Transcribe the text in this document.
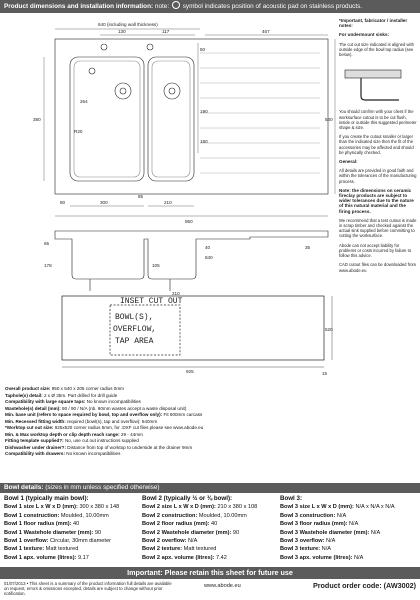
Product dimensions and installation information: note: symbol indicates position of acoustic pad on stainless products.
640 (including wall thickness)
130	117	467
50
190
380	540
180
R20
264
300	210
80
85
950
65
178	105
210
40
840
35
INSET CUT OUT
BOWL(S),
OVERFLOW,
TAP AREA
520
925	15

*Important, fabricator / installer notes:

For undermount sinks:

The cut out size indicated is aligned with outside edge of the bowl top radius (see below).

You should confirm with your client if the worksurface cutout is to be cut flush, inside or outside this suggested perimeter shape & size.

If you create the cutout smaller or larger than the indicated size then the fit of the accessories may be affected and should be physically checked.

General:

All details are provided in good faith and within the tolerances of the manufacturing process.

Note: the dimensions on ceramic fireclay products are subject to wider tolerances due to the nature of this natural material and the firing process.

We recommend that a test cutout is made in scrap timber and checked against the actual sink supplied before committing to cutting the worksurface.

Abode can not accept liability for problems or costs incurred by failure to follow this advice.

CAD cutout files can be downloaded from www.abode.eu

Overall product size: 950 x 540 x 205 corner radius 0mm
Taphole(s) detail: 2 x Ø 35m. Part drilled for drill guide
Compatibility with large square taps: No known incompatibilities
Wastehole(s) detail (mm): 90 / 90 / N/A (nb. 90mm wastes accept a waste disposal unit)
Min. base unit (refers to space required by bowl, top and overflow only): Fit 600mm carcass
Min. Recessed fitting width: required (bowl(s), tap and overflow): 540mm
*Worktop cut out size: 925x520 corner radius 5mm, for .DXF cut files please see www.abode.eu
Min. & Max worktop depth or clip depth reach range: 29 - 44mm
Fitting template supplied?: No, use cut out instructions supplied
Dishwasher under drainer?: Distance from top of worktop to underside at the drainer 9mm
Compatibility with drawers: No known incompatibilities
Bowl details: (sizes in mm unless specified otherwise)
Bowl 1 (typically main bowl):
Bowl 1 size L x W x D (mm): 300 x 380 x 148
Bowl 1 construction: Moulded, 10.00mm
Bowl 1 floor radius (mm): 40
Bowl 1 Wastehole diameter (mm): 90
Bowl 1 overflow: Circular, 30mm diameter
Bowl 1 texture: Matt textured
Bowl 1 apx. volume (litres): 9.17
Bowl 2 (typically ½ or ⅜ bowl):
Bowl 2 size L x W x D (mm): 210 x 380 x 108
Bowl 2 construction: Moulded, 10.00mm
Bowl 2 floor radius (mm): 40
Bowl 2 Wastehole diameter (mm): 90
Bowl 2 overflow: N/A
Bowl 2 texture: Matt textured
Bowl 2 apx. volume (litres): 7.42
Bowl 3:
Bowl 3 size L x W x D (mm): N/A x N/A x N/A
Bowl 3 construction: N/A
Bowl 3 floor radius (mm): N/A
Bowl 3 Wastehole diameter (mm): N/A
Bowl 3 overflow: N/A
Bowl 3 texture: N/A
Bowl 3 apx. volume (litres): N/A
Important: Please retain this sheet for future use
01/07/2013 • This sheet is a summary of the product information full details are available on request, errors & omissions excepted, details are subject to change without prior notification.
www.abode.eu	Product order code: (AW3002)
